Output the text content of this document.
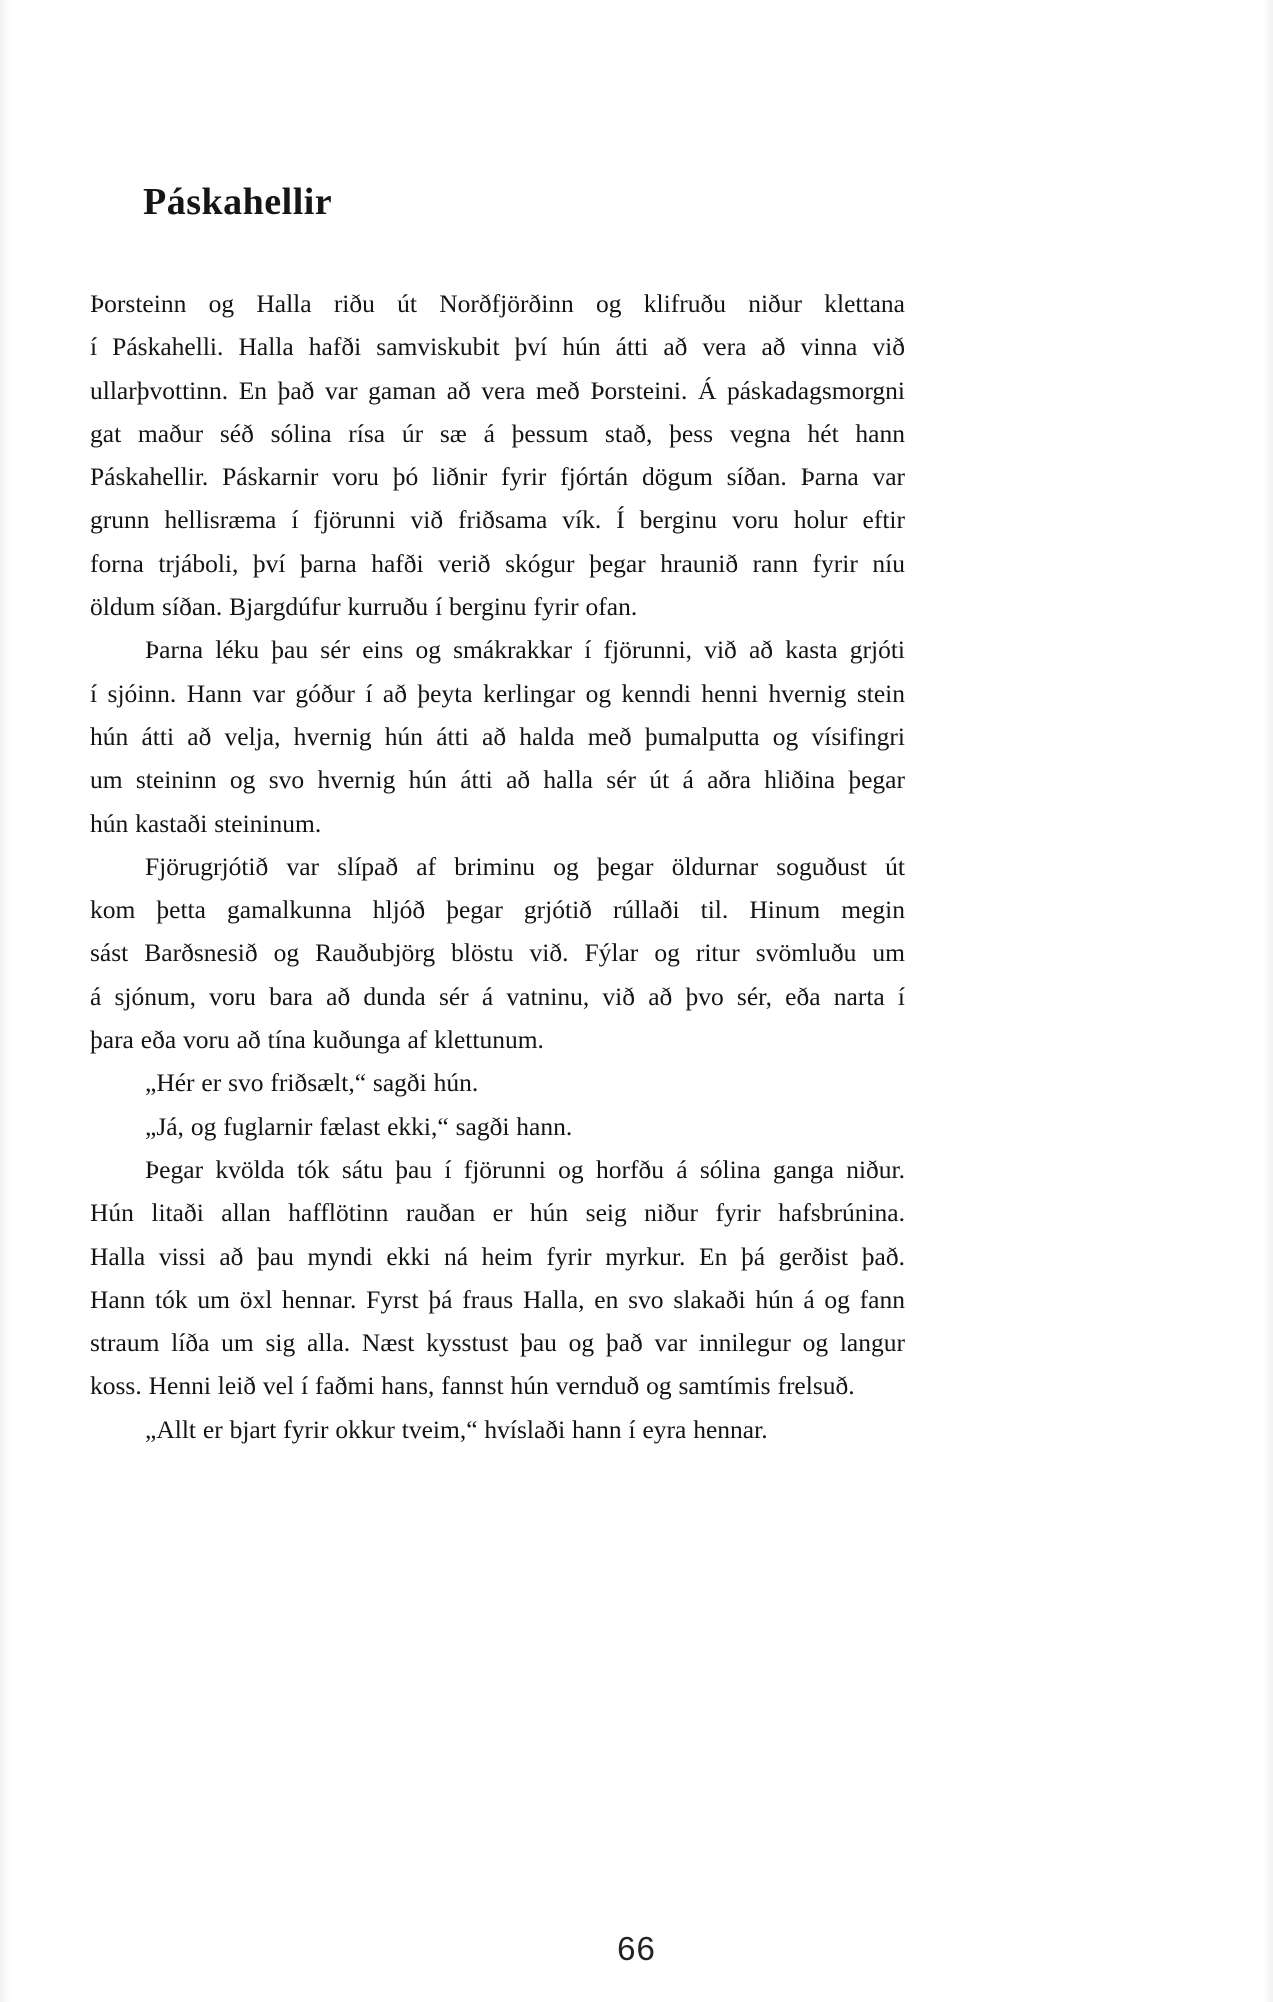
Páskahellir
Þorsteinn og Halla riðu út Norðfjörðinn og klifruðu niður klettana
í Páskahelli. Halla hafði samviskubit því hún átti að vera að vinna við
ullarþvottinn. En það var gaman að vera með Þorsteini. Á páskadagsmorgni
gat maður séð sólina rísa úr sæ á þessum stað, þess vegna hét hann
Páskahellir. Páskarnir voru þó liðnir fyrir fjórtán dögum síðan. Þarna var
grunn hellisræma í fjörunni við friðsama vík. Í berginu voru holur eftir
forna trjáboli, því þarna hafði verið skógur þegar hraunið rann fyrir níu
öldum síðan. Bjargdúfur kurruðu í berginu fyrir ofan.
Þarna léku þau sér eins og smákrakkar í fjörunni, við að kasta grjóti
í sjóinn. Hann var góður í að þeyta kerlingar og kenndi henni hvernig stein
hún átti að velja, hvernig hún átti að halda með þumalputta og vísifingri
um steininn og svo hvernig hún átti að halla sér út á aðra hliðina þegar
hún kastaði steininum.
Fjörugrjótið var slípað af briminu og þegar öldurnar soguðust út
kom þetta gamalkunna hljóð þegar grjótið rúllaði til. Hinum megin
sást Barðsnesið og Rauðubjörg blöstu við. Fýlar og ritur svömluðu um
á sjónum, voru bara að dunda sér á vatninu, við að þvo sér, eða narta í
þara eða voru að tína kuðunga af klettunum.
„Hér er svo friðsælt,“ sagði hún.
„Já, og fuglarnir fælast ekki,“ sagði hann.
Þegar kvölda tók sátu þau í fjörunni og horfðu á sólina ganga niður.
Hún litaði allan hafflötinn rauðan er hún seig niður fyrir hafsbrúnina.
Halla vissi að þau myndi ekki ná heim fyrir myrkur. En þá gerðist það.
Hann tók um öxl hennar. Fyrst þá fraus Halla, en svo slakaði hún á og fann
straum líða um sig alla. Næst kysstust þau og það var innilegur og langur
koss. Henni leið vel í faðmi hans, fannst hún vernduð og samtímis frelsuð.
„Allt er bjart fyrir okkur tveim,“ hvíslaði hann í eyra hennar.
66
